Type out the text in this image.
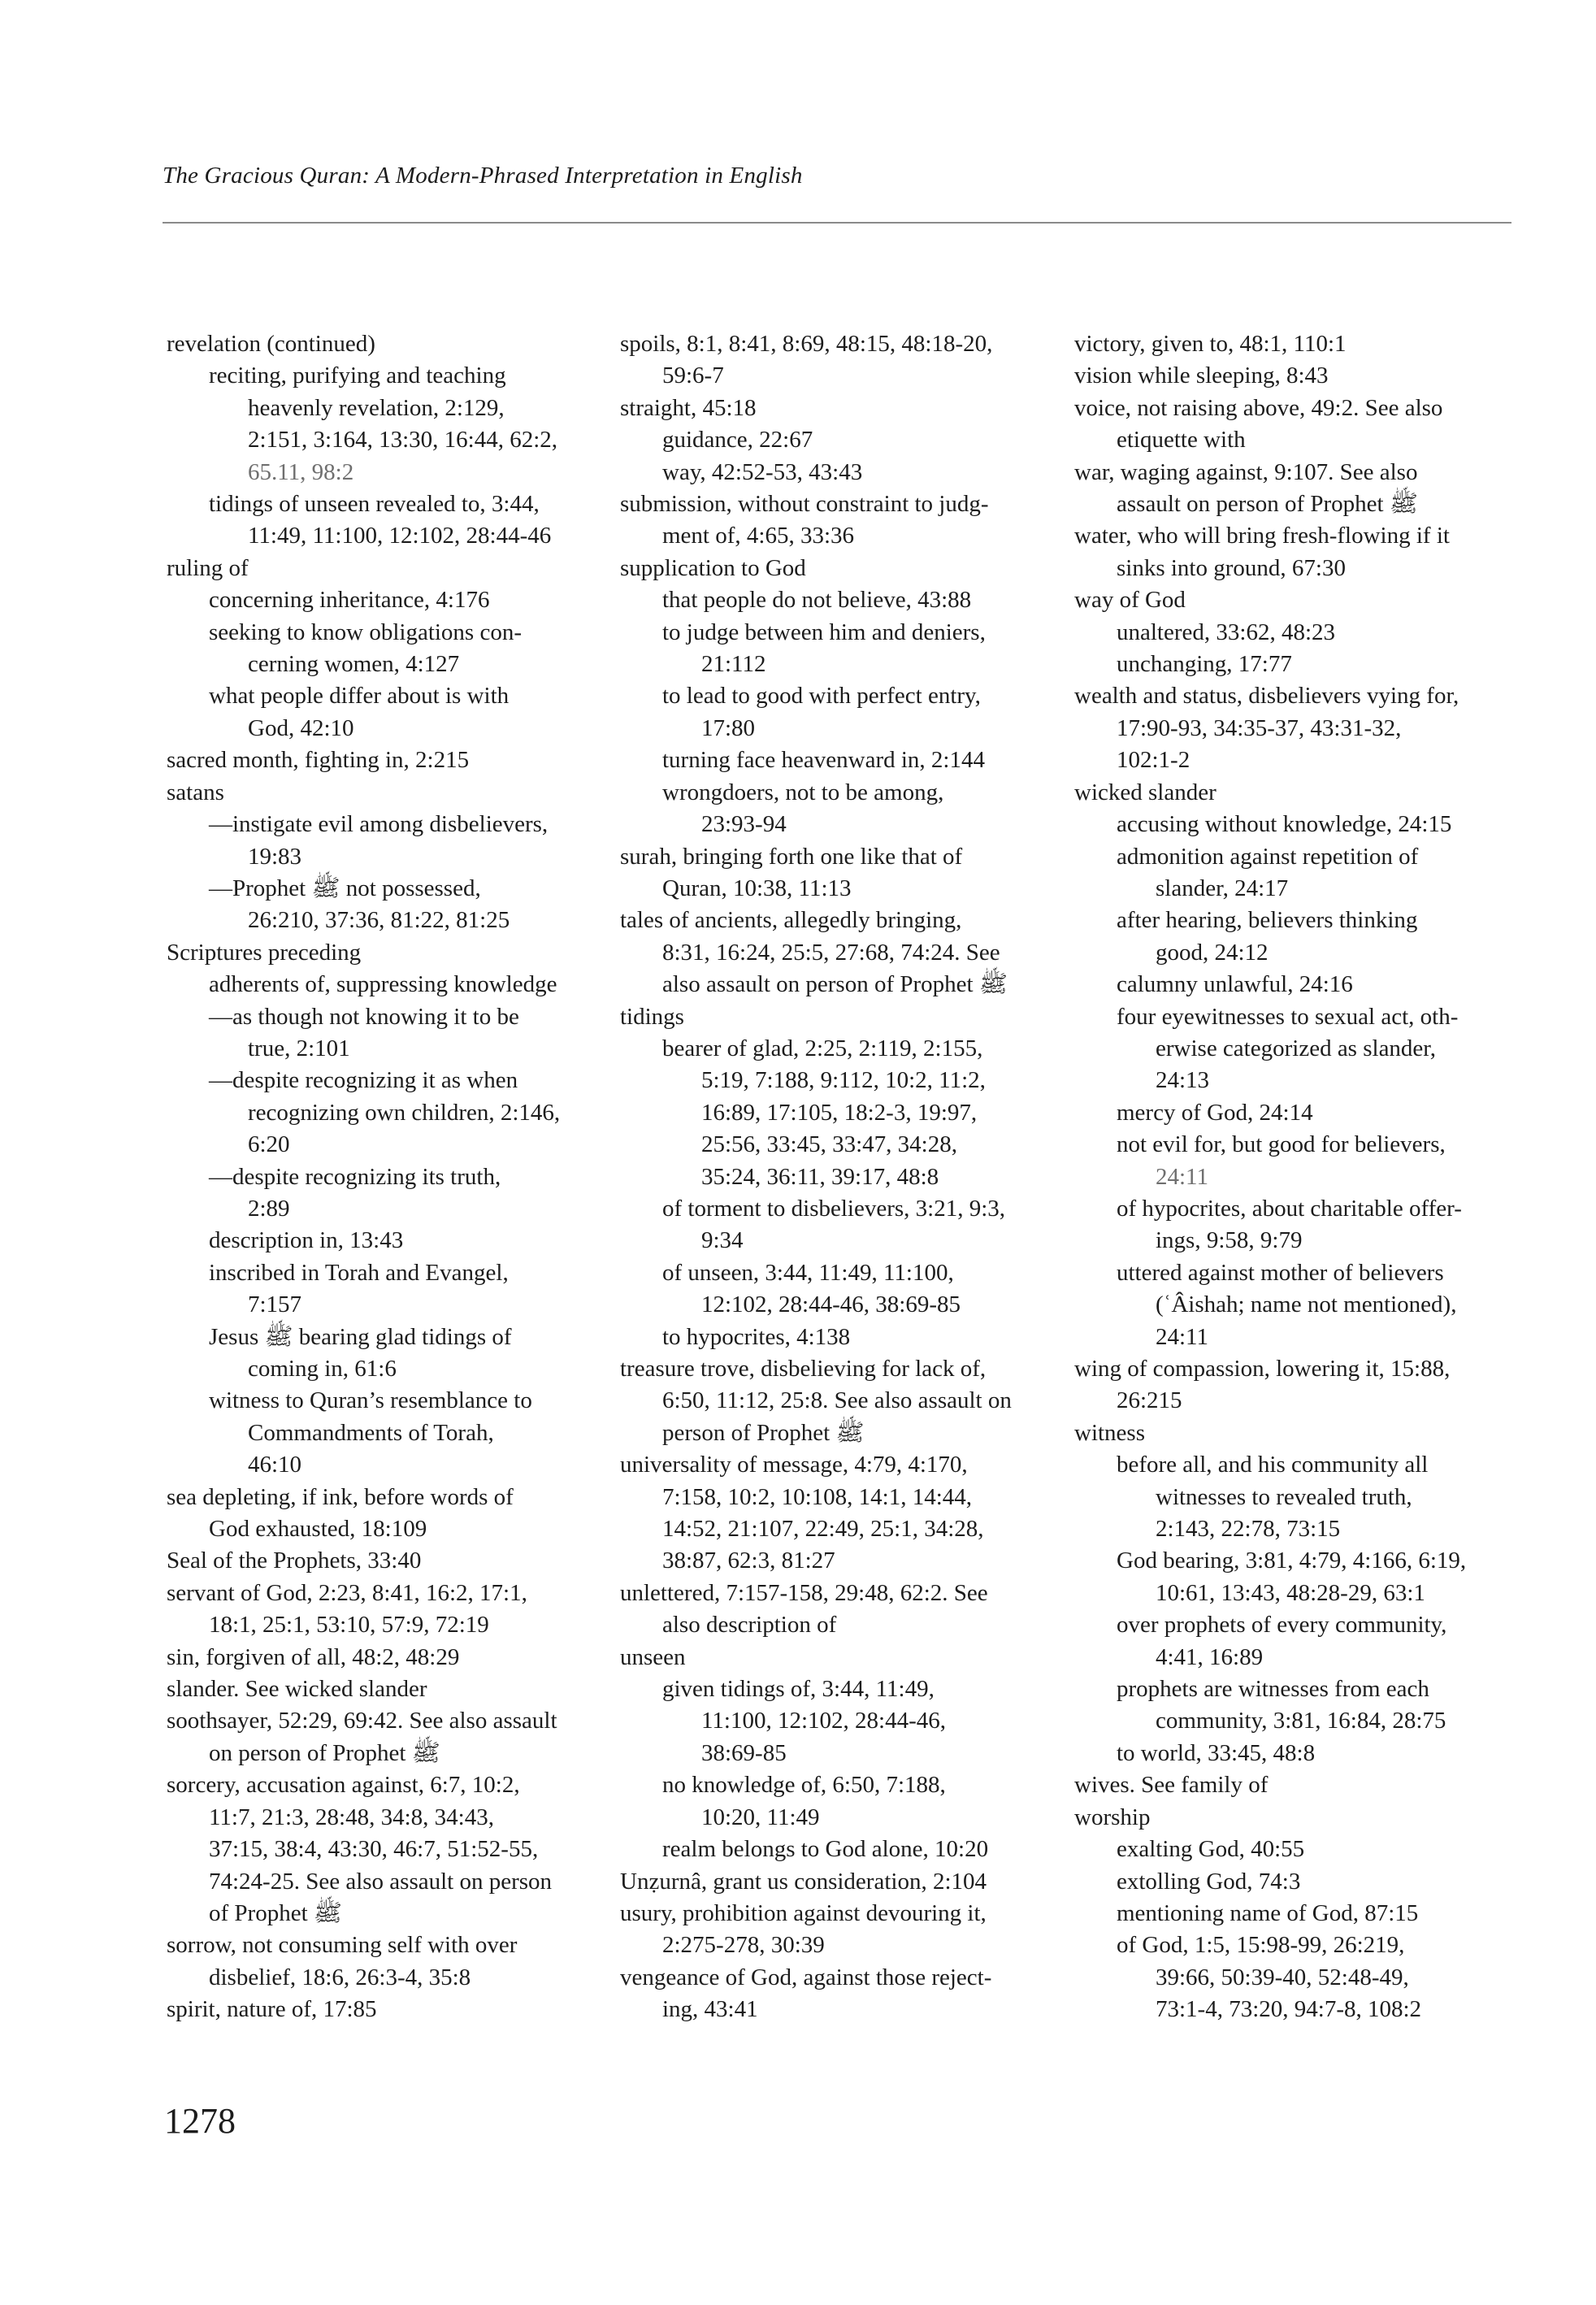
The Gracious Quran: A Modern-Phrased Interpretation in English
revelation (continued)
reciting, purifying and teaching
heavenly revelation, 2:129,
2:151, 3:164, 13:30, 16:44, 62:2,
65.11, 98:2
tidings of unseen revealed to, 3:44,
11:49, 11:100, 12:102, 28:44-46
ruling of
concerning inheritance, 4:176
seeking to know obligations con-
cerning women, 4:127
what people differ about is with
God, 42:10
sacred month, fighting in, 2:215
satans
—instigate evil among disbelievers,
19:83
—Prophet ﷺ not possessed,
26:210, 37:36, 81:22, 81:25
Scriptures preceding
adherents of, suppressing knowledge
—as though not knowing it to be
true, 2:101
—despite recognizing it as when
recognizing own children, 2:146,
6:20
—despite recognizing its truth,
2:89
description in, 13:43
inscribed in Torah and Evangel,
7:157
Jesus ﷺ bearing glad tidings of
coming in, 61:6
witness to Quran’s resemblance to
Commandments of Torah,
46:10
sea depleting, if ink, before words of
God exhausted, 18:109
Seal of the Prophets, 33:40
servant of God, 2:23, 8:41, 16:2, 17:1,
18:1, 25:1, 53:10, 57:9, 72:19
sin, forgiven of all, 48:2, 48:29
slander. See wicked slander
soothsayer, 52:29, 69:42. See also assault
on person of Prophet ﷺ
sorcery, accusation against, 6:7, 10:2,
11:7, 21:3, 28:48, 34:8, 34:43,
37:15, 38:4, 43:30, 46:7, 51:52-55,
74:24-25. See also assault on person
of Prophet ﷺ
sorrow, not consuming self with over
disbelief, 18:6, 26:3-4, 35:8
spirit, nature of, 17:85
spoils, 8:1, 8:41, 8:69, 48:15, 48:18-20,
59:6-7
straight, 45:18
guidance, 22:67
way, 42:52-53, 43:43
submission, without constraint to judg-
ment of, 4:65, 33:36
supplication to God
that people do not believe, 43:88
to judge between him and deniers,
21:112
to lead to good with perfect entry,
17:80
turning face heavenward in, 2:144
wrongdoers, not to be among,
23:93-94
surah, bringing forth one like that of
Quran, 10:38, 11:13
tales of ancients, allegedly bringing,
8:31, 16:24, 25:5, 27:68, 74:24. See
also assault on person of Prophet ﷺ
tidings
bearer of glad, 2:25, 2:119, 2:155,
5:19, 7:188, 9:112, 10:2, 11:2,
16:89, 17:105, 18:2-3, 19:97,
25:56, 33:45, 33:47, 34:28,
35:24, 36:11, 39:17, 48:8
of torment to disbelievers, 3:21, 9:3,
9:34
of unseen, 3:44, 11:49, 11:100,
12:102, 28:44-46, 38:69-85
to hypocrites, 4:138
treasure trove, disbelieving for lack of,
6:50, 11:12, 25:8. See also assault on
person of Prophet ﷺ
universality of message, 4:79, 4:170,
7:158, 10:2, 10:108, 14:1, 14:44,
14:52, 21:107, 22:49, 25:1, 34:28,
38:87, 62:3, 81:27
unlettered, 7:157-158, 29:48, 62:2. See
also description of
unseen
given tidings of, 3:44, 11:49,
11:100, 12:102, 28:44-46,
38:69-85
no knowledge of, 6:50, 7:188,
10:20, 11:49
realm belongs to God alone, 10:20
Unẓurnâ, grant us consideration, 2:104
usury, prohibition against devouring it,
2:275-278, 30:39
vengeance of God, against those reject-
ing, 43:41
victory, given to, 48:1, 110:1
vision while sleeping, 8:43
voice, not raising above, 49:2. See also
etiquette with
war, waging against, 9:107. See also
assault on person of Prophet ﷺ
water, who will bring fresh-flowing if it
sinks into ground, 67:30
way of God
unaltered, 33:62, 48:23
unchanging, 17:77
wealth and status, disbelievers vying for,
17:90-93, 34:35-37, 43:31-32,
102:1-2
wicked slander
accusing without knowledge, 24:15
admonition against repetition of
slander, 24:17
after hearing, believers thinking
good, 24:12
calumny unlawful, 24:16
four eyewitnesses to sexual act, oth-
erwise categorized as slander,
24:13
mercy of God, 24:14
not evil for, but good for believers,
24:11
of hypocrites, about charitable offer-
ings, 9:58, 9:79
uttered against mother of believers
(ʿÂishah; name not mentioned),
24:11
wing of compassion, lowering it, 15:88,
26:215
witness
before all, and his community all
witnesses to revealed truth,
2:143, 22:78, 73:15
God bearing, 3:81, 4:79, 4:166, 6:19,
10:61, 13:43, 48:28-29, 63:1
over prophets of every community,
4:41, 16:89
prophets are witnesses from each
community, 3:81, 16:84, 28:75
to world, 33:45, 48:8
wives. See family of
worship
exalting God, 40:55
extolling God, 74:3
mentioning name of God, 87:15
of God, 1:5, 15:98-99, 26:219,
39:66, 50:39-40, 52:48-49,
73:1-4, 73:20, 94:7-8, 108:2
1278
